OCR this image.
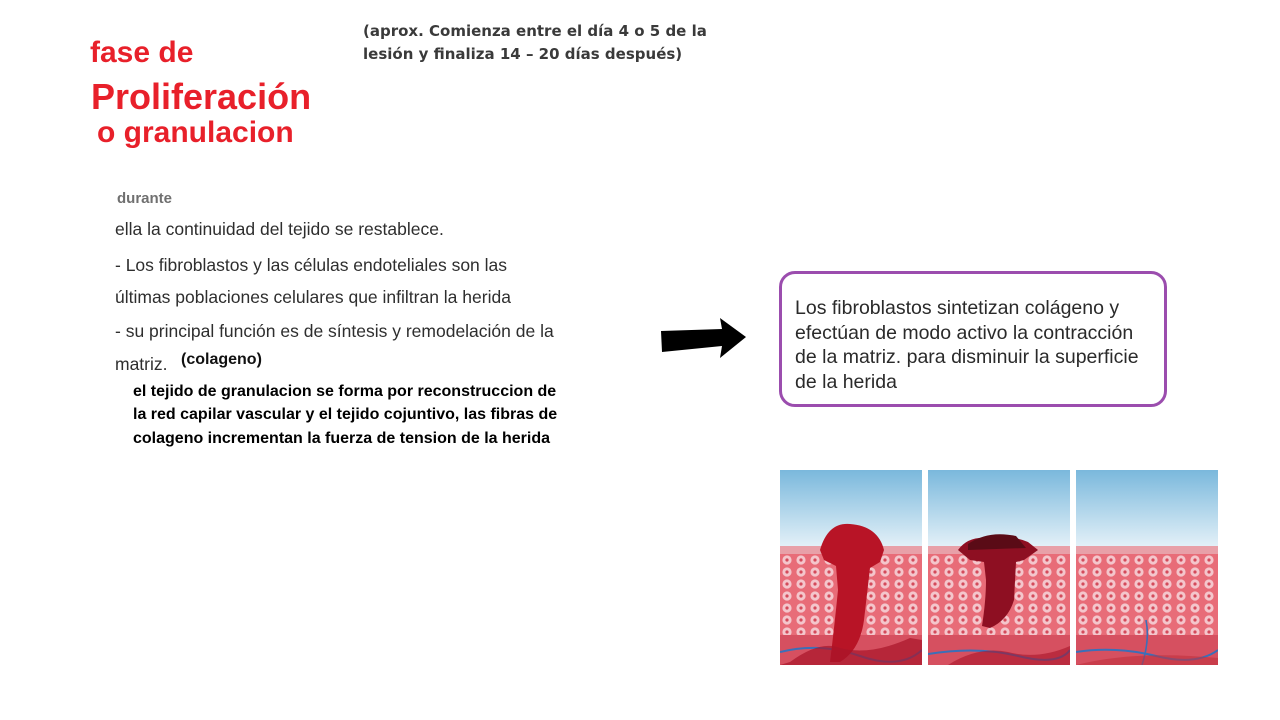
fase de
Proliferación
o granulacion
(aprox. Comienza entre el día 4 o 5 de la lesión y finaliza 14 – 20 días después)
durante
ella la continuidad del tejido se restablece.
- Los fibroblastos y las células endoteliales son las
últimas poblaciones celulares que infiltran la herida
- su principal función es de síntesis y remodelación de la
matriz. (colageno)
el tejido de granulacion se forma por reconstruccion de la red capilar vascular y el tejido cojuntivo, las fibras de colageno incrementan la fuerza de tension de la herida
Los fibroblastos sintetizan colágeno y efectúan de modo activo la contracción de la matriz. para disminuir la superficie de la herida
